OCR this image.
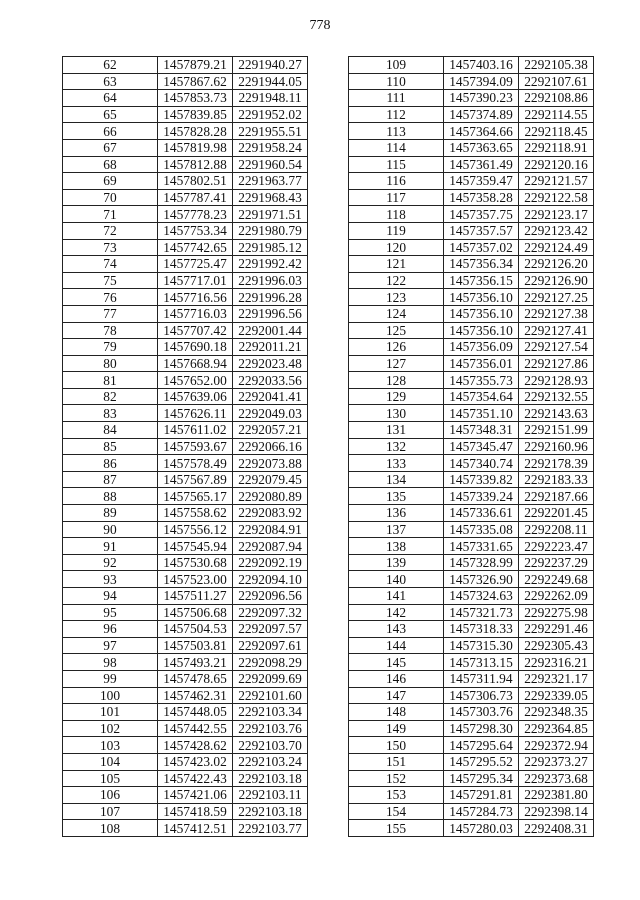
778
62	1457879.21	2291940.27
63	1457867.62	2291944.05
64	1457853.73	2291948.11
65	1457839.85	2291952.02
66	1457828.28	2291955.51
67	1457819.98	2291958.24
68	1457812.88	2291960.54
69	1457802.51	2291963.77
70	1457787.41	2291968.43
71	1457778.23	2291971.51
72	1457753.34	2291980.79
73	1457742.65	2291985.12
74	1457725.47	2291992.42
75	1457717.01	2291996.03
76	1457716.56	2291996.28
77	1457716.03	2291996.56
78	1457707.42	2292001.44
79	1457690.18	2292011.21
80	1457668.94	2292023.48
81	1457652.00	2292033.56
82	1457639.06	2292041.41
83	1457626.11	2292049.03
84	1457611.02	2292057.21
85	1457593.67	2292066.16
86	1457578.49	2292073.88
87	1457567.89	2292079.45
88	1457565.17	2292080.89
89	1457558.62	2292083.92
90	1457556.12	2292084.91
91	1457545.94	2292087.94
92	1457530.68	2292092.19
93	1457523.00	2292094.10
94	1457511.27	2292096.56
95	1457506.68	2292097.32
96	1457504.53	2292097.57
97	1457503.81	2292097.61
98	1457493.21	2292098.29
99	1457478.65	2292099.69
100	1457462.31	2292101.60
101	1457448.05	2292103.34
102	1457442.55	2292103.76
103	1457428.62	2292103.70
104	1457423.02	2292103.24
105	1457422.43	2292103.18
106	1457421.06	2292103.11
107	1457418.59	2292103.18
108	1457412.51	2292103.77
109	1457403.16	2292105.38
110	1457394.09	2292107.61
111	1457390.23	2292108.86
112	1457374.89	2292114.55
113	1457364.66	2292118.45
114	1457363.65	2292118.91
115	1457361.49	2292120.16
116	1457359.47	2292121.57
117	1457358.28	2292122.58
118	1457357.75	2292123.17
119	1457357.57	2292123.42
120	1457357.02	2292124.49
121	1457356.34	2292126.20
122	1457356.15	2292126.90
123	1457356.10	2292127.25
124	1457356.10	2292127.38
125	1457356.10	2292127.41
126	1457356.09	2292127.54
127	1457356.01	2292127.86
128	1457355.73	2292128.93
129	1457354.64	2292132.55
130	1457351.10	2292143.63
131	1457348.31	2292151.99
132	1457345.47	2292160.96
133	1457340.74	2292178.39
134	1457339.82	2292183.33
135	1457339.24	2292187.66
136	1457336.61	2292201.45
137	1457335.08	2292208.11
138	1457331.65	2292223.47
139	1457328.99	2292237.29
140	1457326.90	2292249.68
141	1457324.63	2292262.09
142	1457321.73	2292275.98
143	1457318.33	2292291.46
144	1457315.30	2292305.43
145	1457313.15	2292316.21
146	1457311.94	2292321.17
147	1457306.73	2292339.05
148	1457303.76	2292348.35
149	1457298.30	2292364.85
150	1457295.64	2292372.94
151	1457295.52	2292373.27
152	1457295.34	2292373.68
153	1457291.81	2292381.80
154	1457284.73	2292398.14
155	1457280.03	2292408.31
